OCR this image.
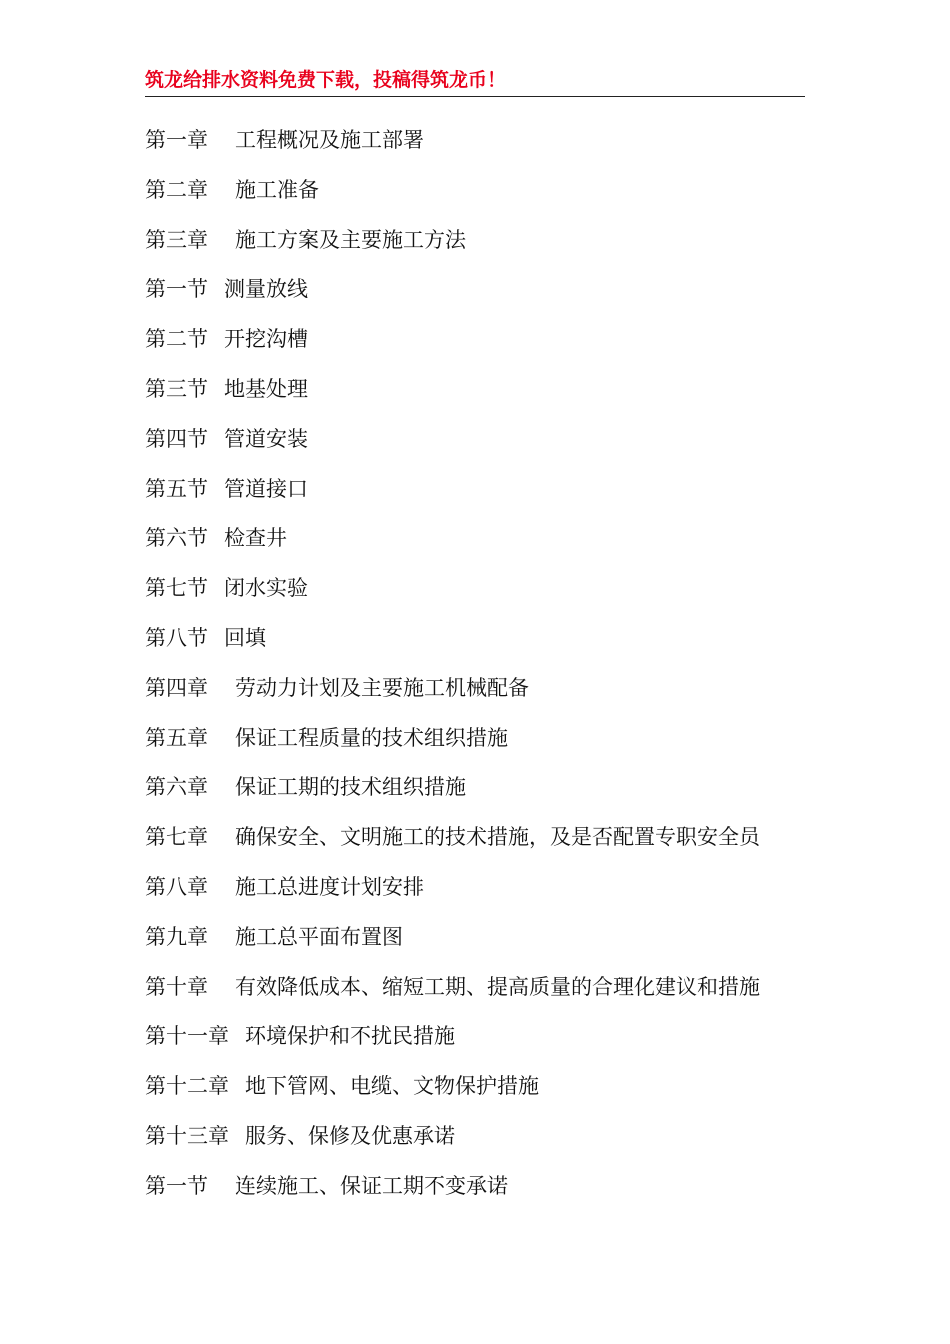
筑龙给排水资料免费下载，投稿得筑龙币！
第一章 工程概况及施工部署
第二章 施工准备
第三章 施工方案及主要施工方法
第一节 测量放线
第二节 开挖沟槽
第三节 地基处理
第四节 管道安装
第五节 管道接口
第六节 检查井
第七节 闭水实验
第八节 回填
第四章 劳动力计划及主要施工机械配备
第五章 保证工程质量的技术组织措施
第六章 保证工期的技术组织措施
第七章 确保安全、文明施工的技术措施，及是否配置专职安全员
第八章 施工总进度计划安排
第九章 施工总平面布置图
第十章 有效降低成本、缩短工期、提高质量的合理化建议和措施
第十一章 环境保护和不扰民措施
第十二章 地下管网、电缆、文物保护措施
第十三章 服务、保修及优惠承诺
第一节 连续施工、保证工期不变承诺
